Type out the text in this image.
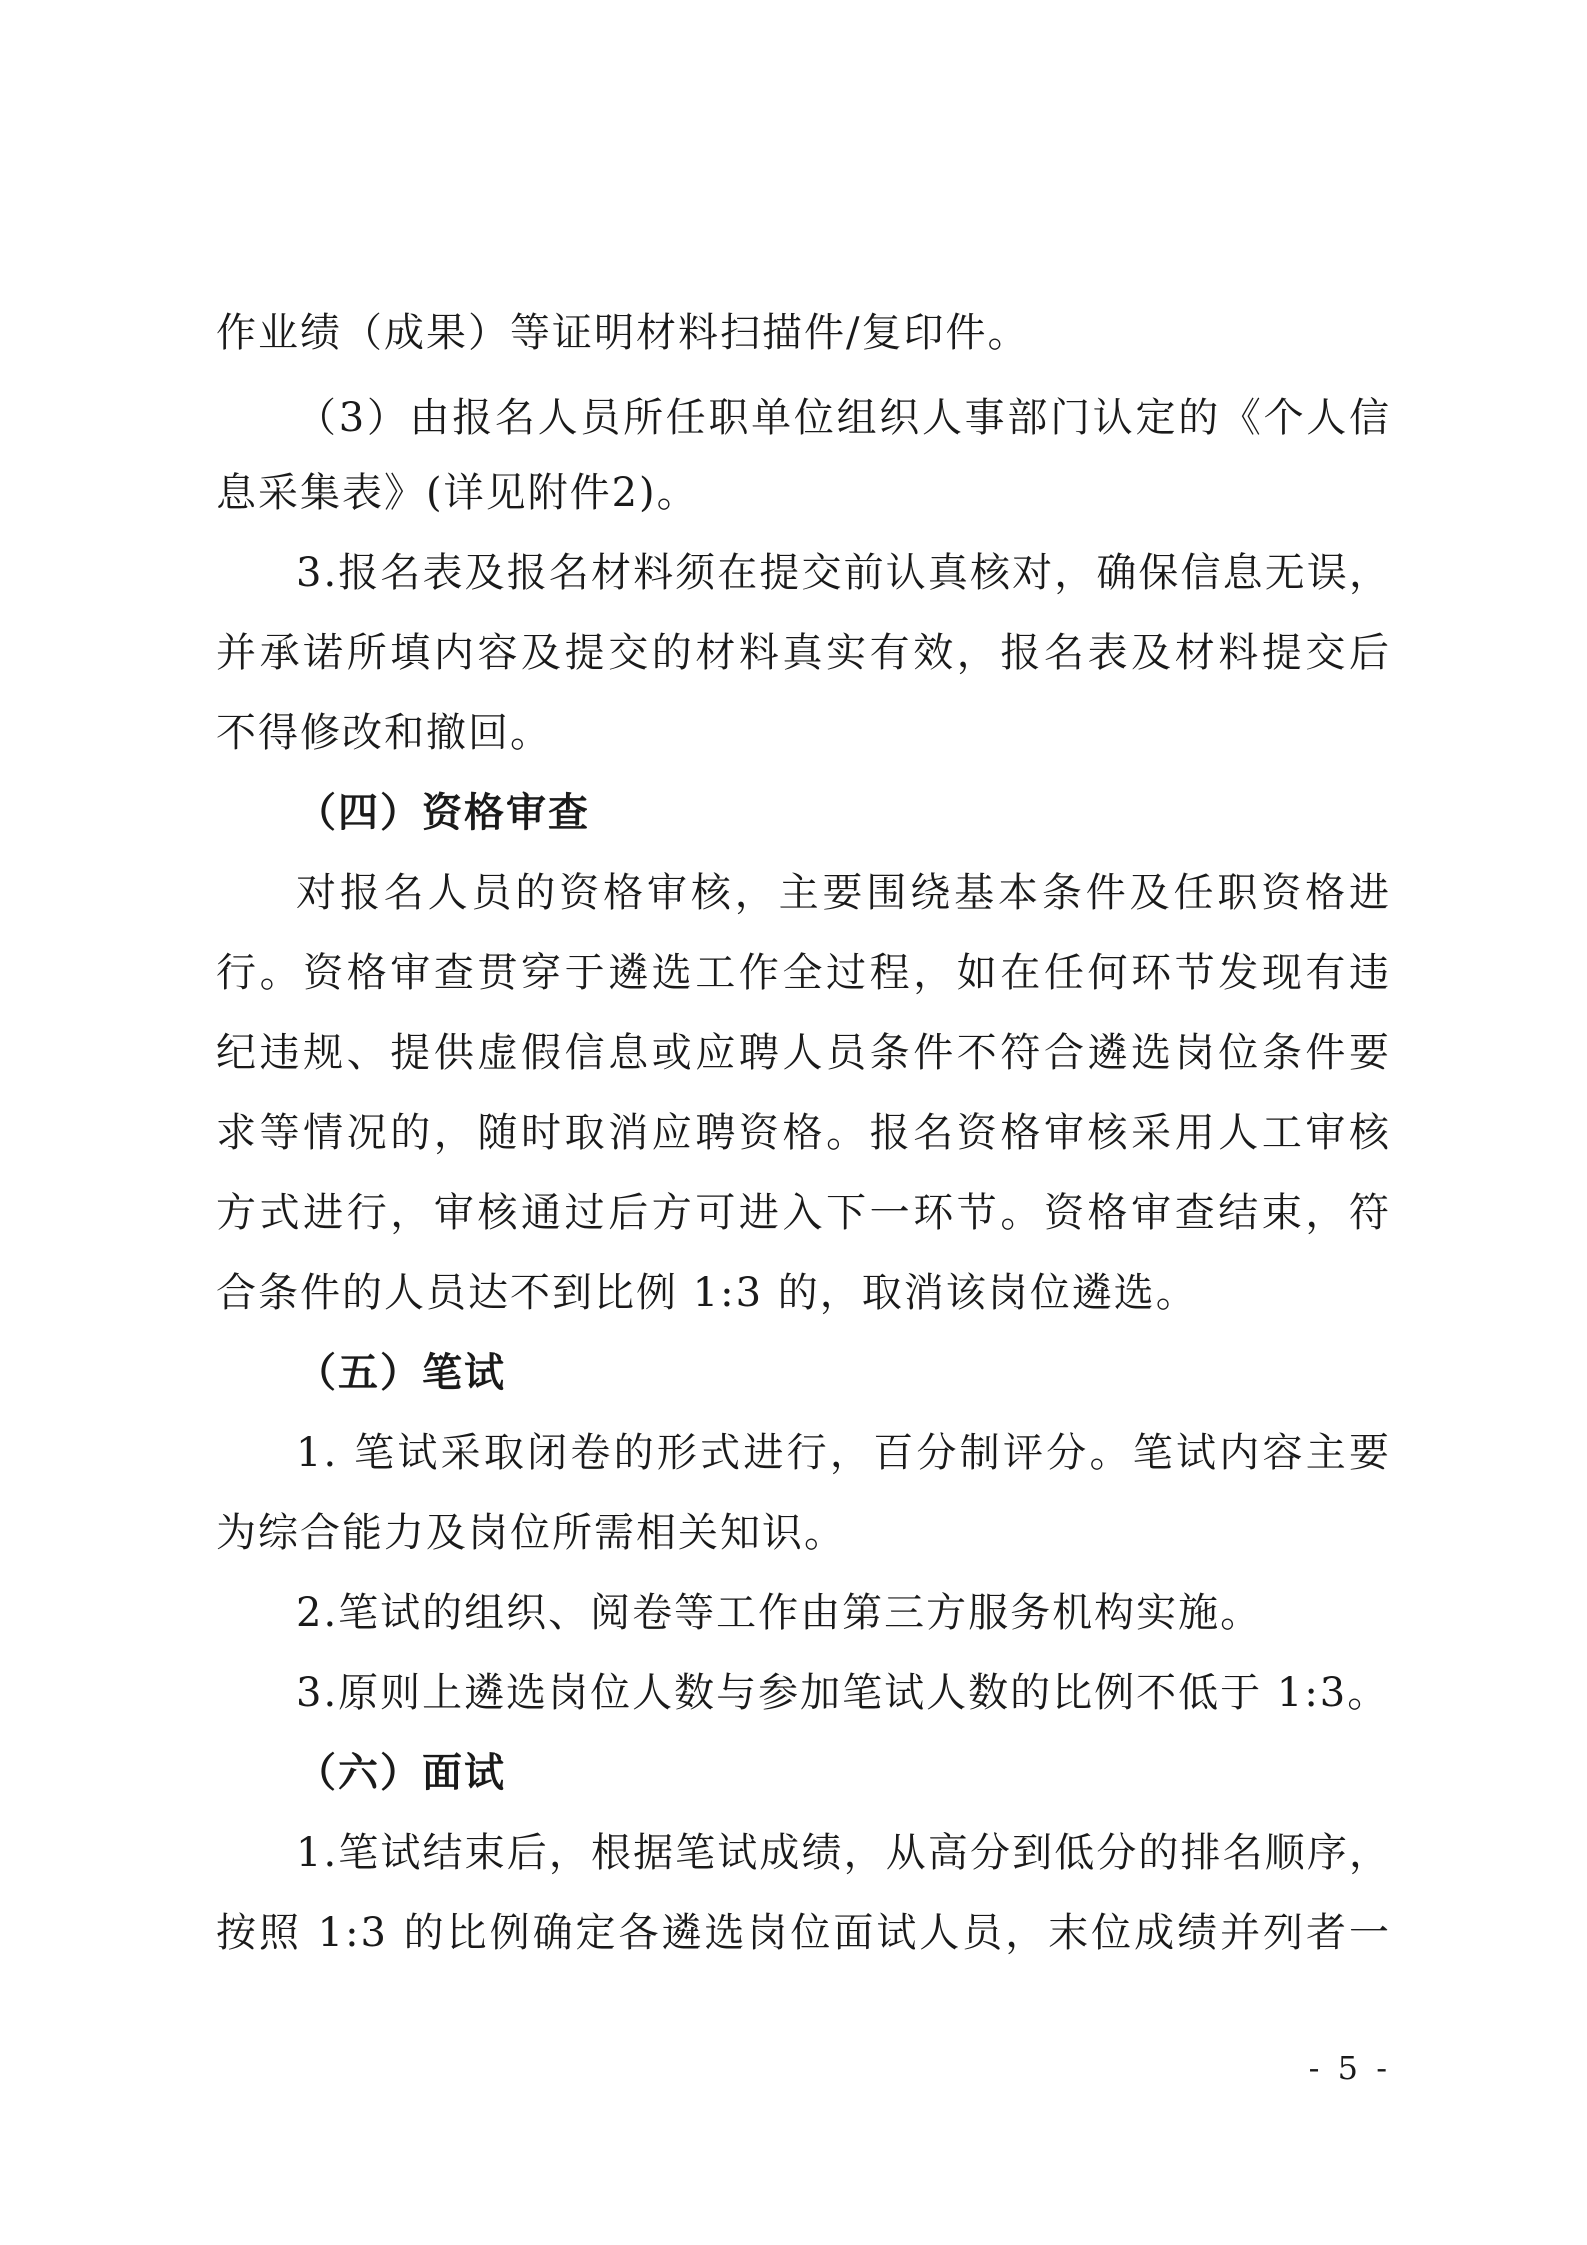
作业绩（成果）等证明材料扫描件/复印件。
（3）由报名人员所任职单位组织人事部门认定的《个人信
息采集表》(详见附件2)。
3.报名表及报名材料须在提交前认真核对，确保信息无误，
并承诺所填内容及提交的材料真实有效，报名表及材料提交后
不得修改和撤回。
（四）资格审查
对报名人员的资格审核，主要围绕基本条件及任职资格进
行。资格审查贯穿于遴选工作全过程，如在任何环节发现有违
纪违规、提供虚假信息或应聘人员条件不符合遴选岗位条件要
求等情况的，随时取消应聘资格。报名资格审核采用人工审核
方式进行，审核通过后方可进入下一环节。资格审查结束，符
合条件的人员达不到比例 1:3 的，取消该岗位遴选。
（五）笔试
1. 笔试采取闭卷的形式进行，百分制评分。笔试内容主要
为综合能力及岗位所需相关知识。
2.笔试的组织、阅卷等工作由第三方服务机构实施。
3.原则上遴选岗位人数与参加笔试人数的比例不低于 1:3。
（六）面试
1.笔试结束后，根据笔试成绩，从高分到低分的排名顺序，
按照 1:3 的比例确定各遴选岗位面试人员，末位成绩并列者一
- 5 -
